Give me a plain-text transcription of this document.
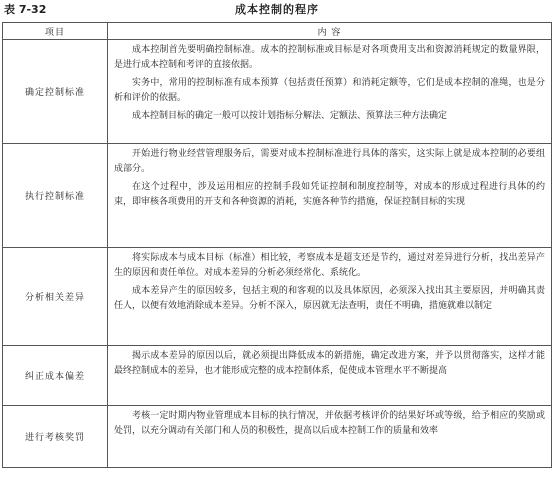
表 7-32	成本控制的程序
项目	内 容
确定控制标准	成本控制首先要明确控制标准。成本的控制标准或目标是对各项费用支出和资源消耗规定的数量界限，是进行成本控制和考评的直接依据。

实务中，常用的控制标准有成本预算（包括责任预算）和消耗定额等，它们是成本控制的准绳，也是分析和评价的依据。

成本控制目标的确定一般可以按计划指标分解法、定额法、预算法三种方法确定

执行控制标准	开始进行物业经营管理服务后，需要对成本控制标准进行具体的落实，这实际上就是成本控制的必要组成部分。

在这个过程中，涉及运用相应的控制手段如凭证控制和制度控制等，对成本的形成过程进行具体的约束，即审核各项费用的开支和各种资源的消耗，实施各种节约措施，保证控制目标的实现

分析相关差异	将实际成本与成本目标（标准）相比较，考察成本是超支还是节约，通过对差异进行分析，找出差异产生的原因和责任单位。对成本差异的分析必须经常化、系统化。

成本差异产生的原因较多，包括主观的和客观的以及具体原因，必须深入找出其主要原因，并明确其责任人，以便有效地消除成本差异。分析不深入，原因就无法查明，责任不明确，措施就难以制定

纠正成本偏差	揭示成本差异的原因以后，就必须提出降低成本的新措施，确定改进方案，并予以贯彻落实，这样才能最终控制成本的差异，也才能形成完整的成本控制体系，促使成本管理水平不断提高

进行考核奖罚	考核一定时期内物业管理成本目标的执行情况，并依据考核评价的结果好坏或等级，给予相应的奖励或处罚，以充分调动有关部门和人员的积极性，提高以后成本控制工作的质量和效率
